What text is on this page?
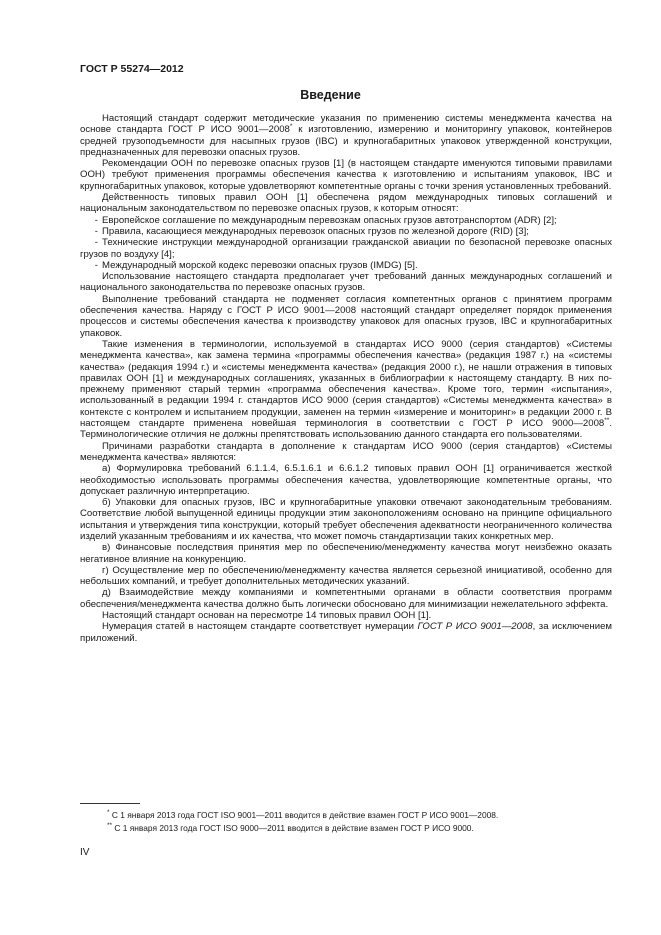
ГОСТ Р 55274—2012
Введение

Настоящий стандарт содержит методические указания по применению системы менеджмента качества на основе стандарта ГОСТ Р ИСО 9001—2008* к изготовлению, измерению и мониторингу упаковок, контейнеров средней грузоподъемности для насыпных грузов (IBC) и крупногабаритных упаковок утвержденной конструкции, предназначенных для перевозки опасных грузов.

Рекомендации ООН по перевозке опасных грузов [1] (в настоящем стандарте именуются типовыми правилами ООН) требуют применения программы обеспечения качества к изготовлению и испытаниям упаковок, IBC и крупногабаритных упаковок, которые удовлетворяют компетентные органы с точки зрения установленных требований.

Действенность типовых правил ООН [1] обеспечена рядом международных типовых соглашений и национальным законодательством по перевозке опасных грузов, к которым относят:

- Европейское соглашение по международным перевозкам опасных грузов автотранспортом (ADR) [2];

- Правила, касающиеся международных перевозок опасных грузов по железной дороге (RID) [3];

- Технические инструкции международной организации гражданской авиации по безопасной перевозке опасных грузов по воздуху [4];

- Международный морской кодекс перевозки опасных грузов (IMDG) [5].

Использование настоящего стандарта предполагает учет требований данных международных соглашений и национального законодательства по перевозке опасных грузов.

Выполнение требований стандарта не подменяет согласия компетентных органов с принятием программ обеспечения качества. Наряду с ГОСТ Р ИСО 9001—2008 настоящий стандарт определяет порядок применения процессов и системы обеспечения качества к производству упаковок для опасных грузов, IBC и крупногабаритных упаковок.

Такие изменения в терминологии, используемой в стандартах ИСО 9000 (серия стандартов) «Системы менеджмента качества», как замена термина «программы обеспечения качества» (редакция 1987 г.) на «системы качества» (редакция 1994 г.) и «системы менеджмента качества» (редакция 2000 г.), не нашли отражения в типовых правилах ООН [1] и международных соглашениях, указанных в библиографии к настоящему стандарту. В них по-прежнему применяют старый термин «программа обеспечения качества». Кроме того, термин «испытания», использованный в редакции 1994 г. стандартов ИСО 9000 (серия стандартов) «Системы менеджмента качества» в контексте с контролем и испытанием продукции, заменен на термин «измерение и мониторинг» в редакции 2000 г. В настоящем стандарте применена новейшая терминология в соответствии с ГОСТ Р ИСО 9000—2008**. Терминологические отличия не должны препятствовать использованию данного стандарта его пользователями.

Причинами разработки стандарта в дополнение к стандартам ИСО 9000 (серия стандартов) «Системы менеджмента качества» являются:

а) Формулировка требований 6.1.1.4, 6.5.1.6.1 и 6.6.1.2 типовых правил ООН [1] ограничивается жесткой необходимостью использовать программы обеспечения качества, удовлетворяющие компетентные органы, что допускает различную интерпретацию.

б) Упаковки для опасных грузов, IBC и крупногабаритные упаковки отвечают законодательным требованиям. Соответствие любой выпущенной единицы продукции этим законоположениям основано на принципе официального испытания и утверждения типа конструкции, который требует обеспечения адекватности неограниченного количества изделий указанным требованиям и их качества, что может помочь стандартизации таких конкретных мер.

в) Финансовые последствия принятия мер по обеспечению/менеджменту качества могут неизбежно оказать негативное влияние на конкуренцию.

г) Осуществление мер по обеспечению/менеджменту качества является серьезной инициативой, особенно для небольших компаний, и требует дополнительных методических указаний.

д) Взаимодействие между компаниями и компетентными органами в области соответствия программ обеспечения/менеджмента качества должно быть логически обосновано для минимизации нежелательного эффекта.

Настоящий стандарт основан на пересмотре 14 типовых правил ООН [1].

Нумерация статей в настоящем стандарте соответствует нумерации ГОСТ Р ИСО 9001—2008, за исключением приложений.

* С 1 января 2013 года ГОСТ ISO 9001—2011 вводится в действие взамен ГОСТ Р ИСО 9001—2008.
** С 1 января 2013 года ГОСТ ISO 9000—2011 вводится в действие взамен ГОСТ Р ИСО 9000.
IV
